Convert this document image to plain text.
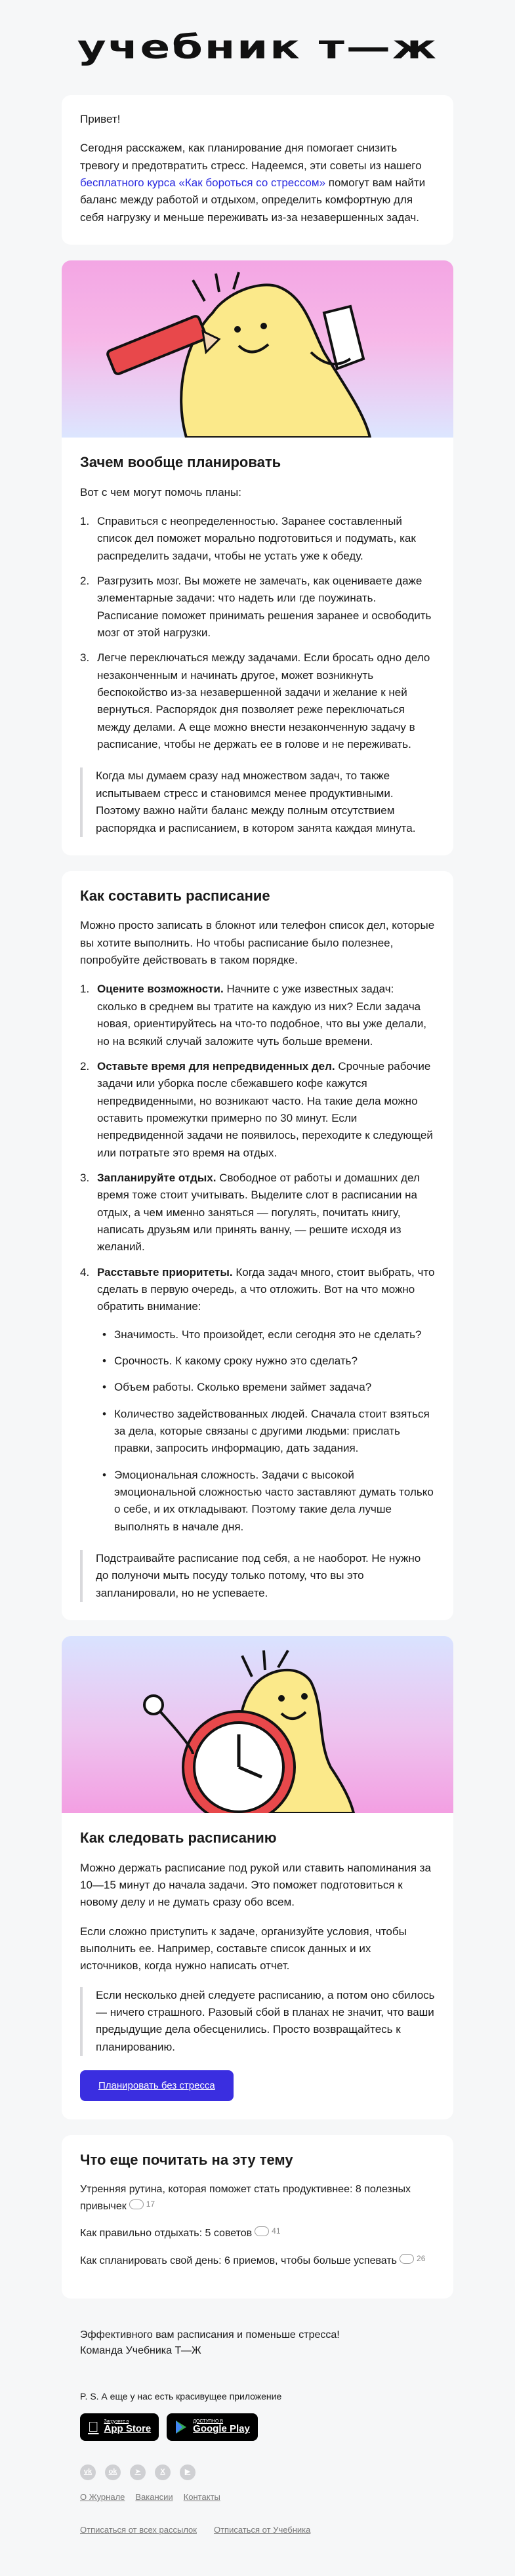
учебник т—ж

Привет!

Сегодня расскажем, как планирование дня помогает снизить тревогу и предотвратить стресс. Надеемся, эти советы из нашего бесплатного курса «Как бороться со стрессом» помогут вам найти баланс между работой и отдыхом, определить комфортную для себя нагрузку и меньше переживать из-за незавершенных задач.

Зачем вообще планировать

Вот с чем могут помочь планы:

Справиться с неопределенностью. Заранее составленный список дел поможет морально подготовиться и подумать, как распределить задачи, чтобы не устать уже к обеду.
Разгрузить мозг. Вы можете не замечать, как оцениваете даже элементарные задачи: что надеть или где поужинать. Расписание поможет принимать решения заранее и освободить мозг от этой нагрузки.
Легче переключаться между задачами. Если бросать одно дело незаконченным и начинать другое, может возникнуть беспокойство из-за незавершенной задачи и желание к ней вернуться. Распорядок дня позволяет реже переключаться между делами. А еще можно внести незаконченную задачу в расписание, чтобы не держать ее в голове и не переживать.
Когда мы думаем сразу над множеством задач, то также испытываем стресс и становимся менее продуктивными. Поэтому важно найти баланс между полным отсутствием распорядка и расписанием, в котором занята каждая минута.
Как составить расписание

Можно просто записать в блокнот или телефон список дел, которые вы хотите выполнить. Но чтобы расписание было полезнее, попробуйте действовать в таком порядке.

Оцените возможности. Начните с уже известных задач: сколько в среднем вы тратите на каждую из них? Если задача новая, ориентируйтесь на что-то подобное, что вы уже делали, но на всякий случай заложите чуть больше времени.
Оставьте время для непредвиденных дел. Срочные рабочие задачи или уборка после сбежавшего кофе кажутся непредвиденными, но возникают часто. На такие дела можно оставить промежутки примерно по 30 минут. Если непредвиденной задачи не появилось, переходите к следующей или потратьте это время на отдых.
Запланируйте отдых. Свободное от работы и домашних дел время тоже стоит учитывать. Выделите слот в расписании на отдых, а чем именно заняться — погулять, почитать книгу, написать друзьям или принять ванну, — решите исходя из желаний.
Расставьте приоритеты. Когда задач много, стоит выбрать, что сделать в первую очередь, а что отложить. Вот на что можно обратить внимание:
• Значимость. Что произойдет, если сегодня это не сделать?
• Срочность. К какому сроку нужно это сделать?
• Объем работы. Сколько времени займет задача?
• Количество задействованных людей. Сначала стоит взяться за дела, которые связаны с другими людьми: прислать правки, запросить информацию, дать задания.
• Эмоциональная сложность. Задачи с высокой эмоциональной сложностью часто заставляют думать только о себе, и их откладывают. Поэтому такие дела лучше выполнять в начале дня.
Подстраивайте расписание под себя, а не наоборот. Не нужно до полуночи мыть посуду только потому, что вы это запланировали, но не успеваете.
Как следовать расписанию

Можно держать расписание под рукой или ставить напоминания за 10—15 минут до начала задачи. Это поможет подготовиться к новому делу и не думать сразу обо всем.

Если сложно приступить к задаче, организуйте условия, чтобы выполнить ее. Например, составьте список данных и их источников, когда нужно написать отчет.

Если несколько дней следуете расписанию, а потом оно сбилось — ничего страшного. Разовый сбой в планах не значит, что ваши предыдущие дела обесценились. Просто возвращайтесь к планированию.
Планировать без стресса
Что еще почитать на эту тему
Утренняя рутина, которая поможет стать продуктивнее: 8 полезных привычек	17
Как правильно отдыхать: 5 советов	41
Как спланировать свой день: 6 приемов, чтобы больше успевать	26

Эффективного вам расписания и поменьше стресса!

Команда Учебника Т—Ж

P. S. А еще у нас есть красивущее приложение
Загрузите в
App Store
ДОСТУПНО В
Google Play
vk	ok	➤	X	▶
О Журнале Вакансии Контакты
Отписаться от всех рассылок Отписаться от Учебника
